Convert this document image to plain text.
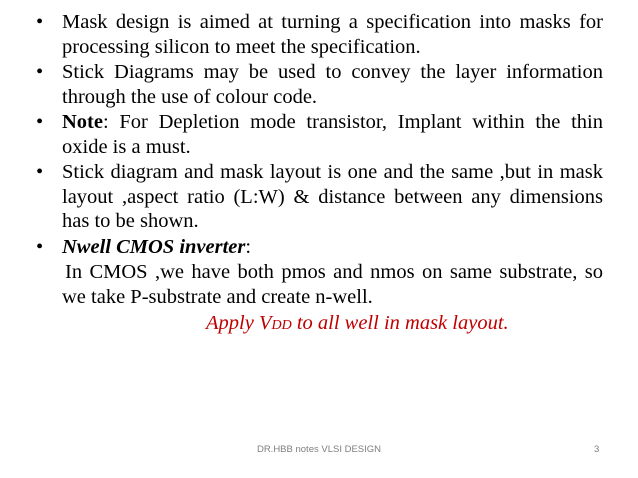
• Mask design is aimed at turning a specification into masks for processing silicon to meet the specification.

• Stick Diagrams may be used to convey the layer information through the use of colour code.

• Note: For Depletion mode transistor, Implant within the thin oxide is a must.

• Stick diagram and mask layout is one and the same ,but in mask layout ,aspect ratio (L:W) & distance between any dimensions has to be shown.

• Nwell CMOS inverter:

In CMOS ,we have both pmos and nmos on same substrate, so we take P-substrate and create n-well.

Apply VDD to all well in mask layout.

DR.HBB notes VLSI DESIGN	3
